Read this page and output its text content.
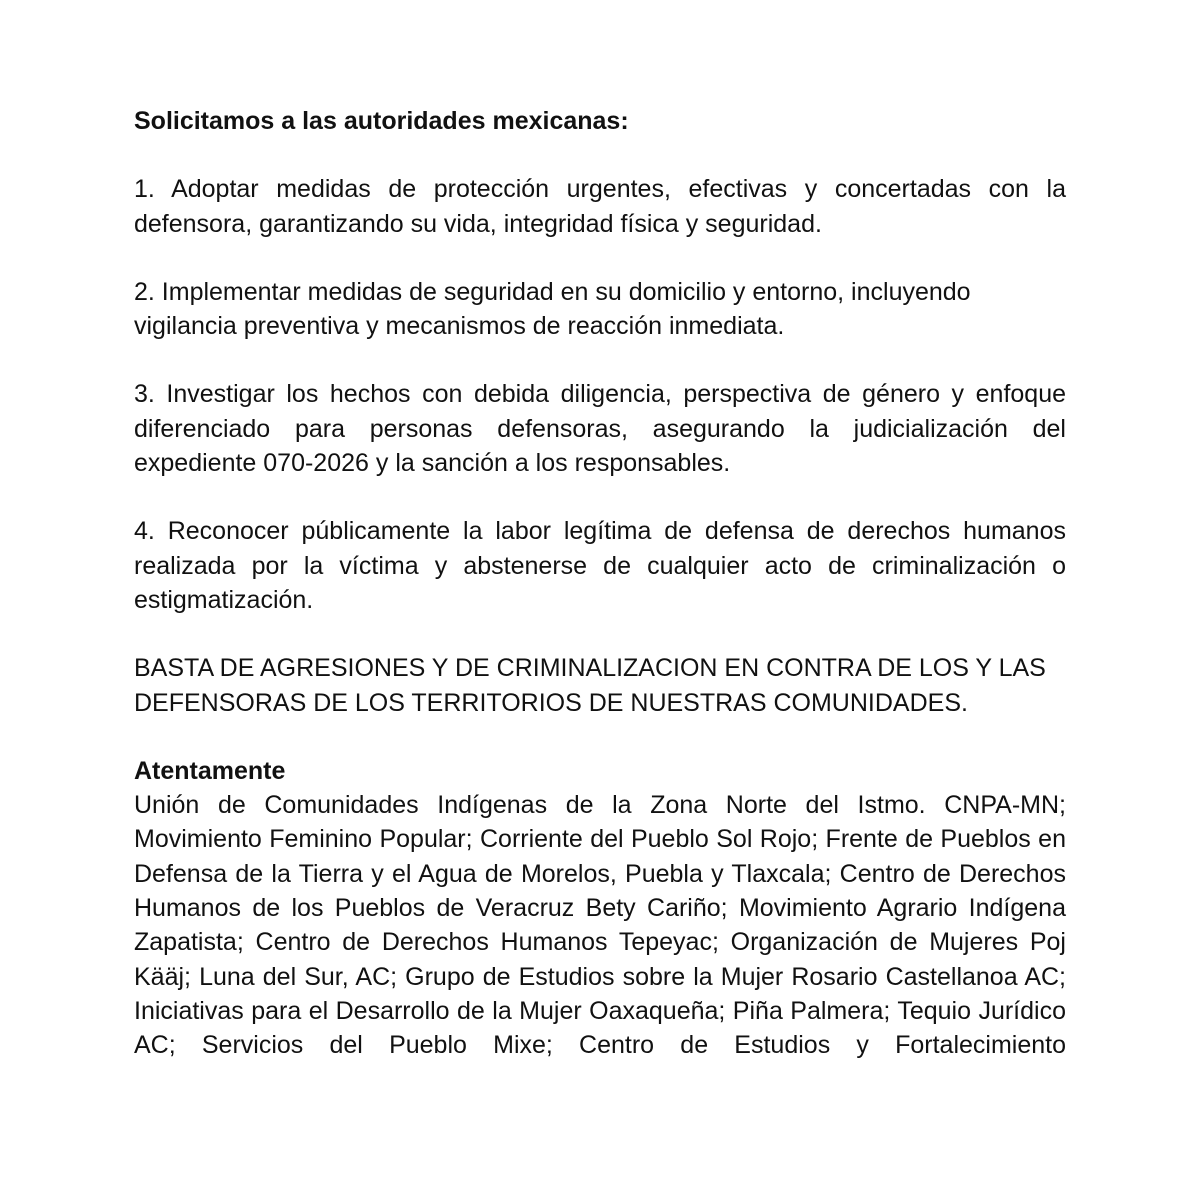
Solicitamos a las autoridades mexicanas:

1. Adoptar medidas de protección urgentes, efectivas y concertadas con la defensora, garantizando su vida, integridad física y seguridad.

2. Implementar medidas de seguridad en su domicilio y entorno, incluyendo vigilancia preventiva y mecanismos de reacción inmediata.

3. Investigar los hechos con debida diligencia, perspectiva de género y enfoque diferenciado para personas defensoras, asegurando la judicialización del expediente 070-2026 y la sanción a los responsables.

4. Reconocer públicamente la labor legítima de defensa de derechos humanos realizada por la víctima y abstenerse de cualquier acto de criminalización o estigmatización.

BASTA DE AGRESIONES Y DE CRIMINALIZACION EN CONTRA DE LOS Y LAS DEFENSORAS DE LOS TERRITORIOS DE NUESTRAS COMUNIDADES.

Atentamente

Unión de Comunidades Indígenas de la Zona Norte del Istmo. CNPA-MN; Movimiento Feminino Popular; Corriente del Pueblo Sol Rojo; Frente de Pueblos en Defensa de la Tierra y el Agua de Morelos, Puebla y Tlaxcala; Centro de Derechos Humanos de los Pueblos de Veracruz Bety Cariño; Movimiento Agrario Indígena Zapatista; Centro de Derechos Humanos Tepeyac; Organización de Mujeres Poj Kääj; Luna del Sur, AC; Grupo de Estudios sobre la Mujer Rosario Castellanoa AC; Iniciativas para el Desarrollo de la Mujer Oaxaqueña; Piña Palmera; Tequio Jurídico AC; Servicios del Pueblo Mixe; Centro de Estudios y Fortalecimiento
